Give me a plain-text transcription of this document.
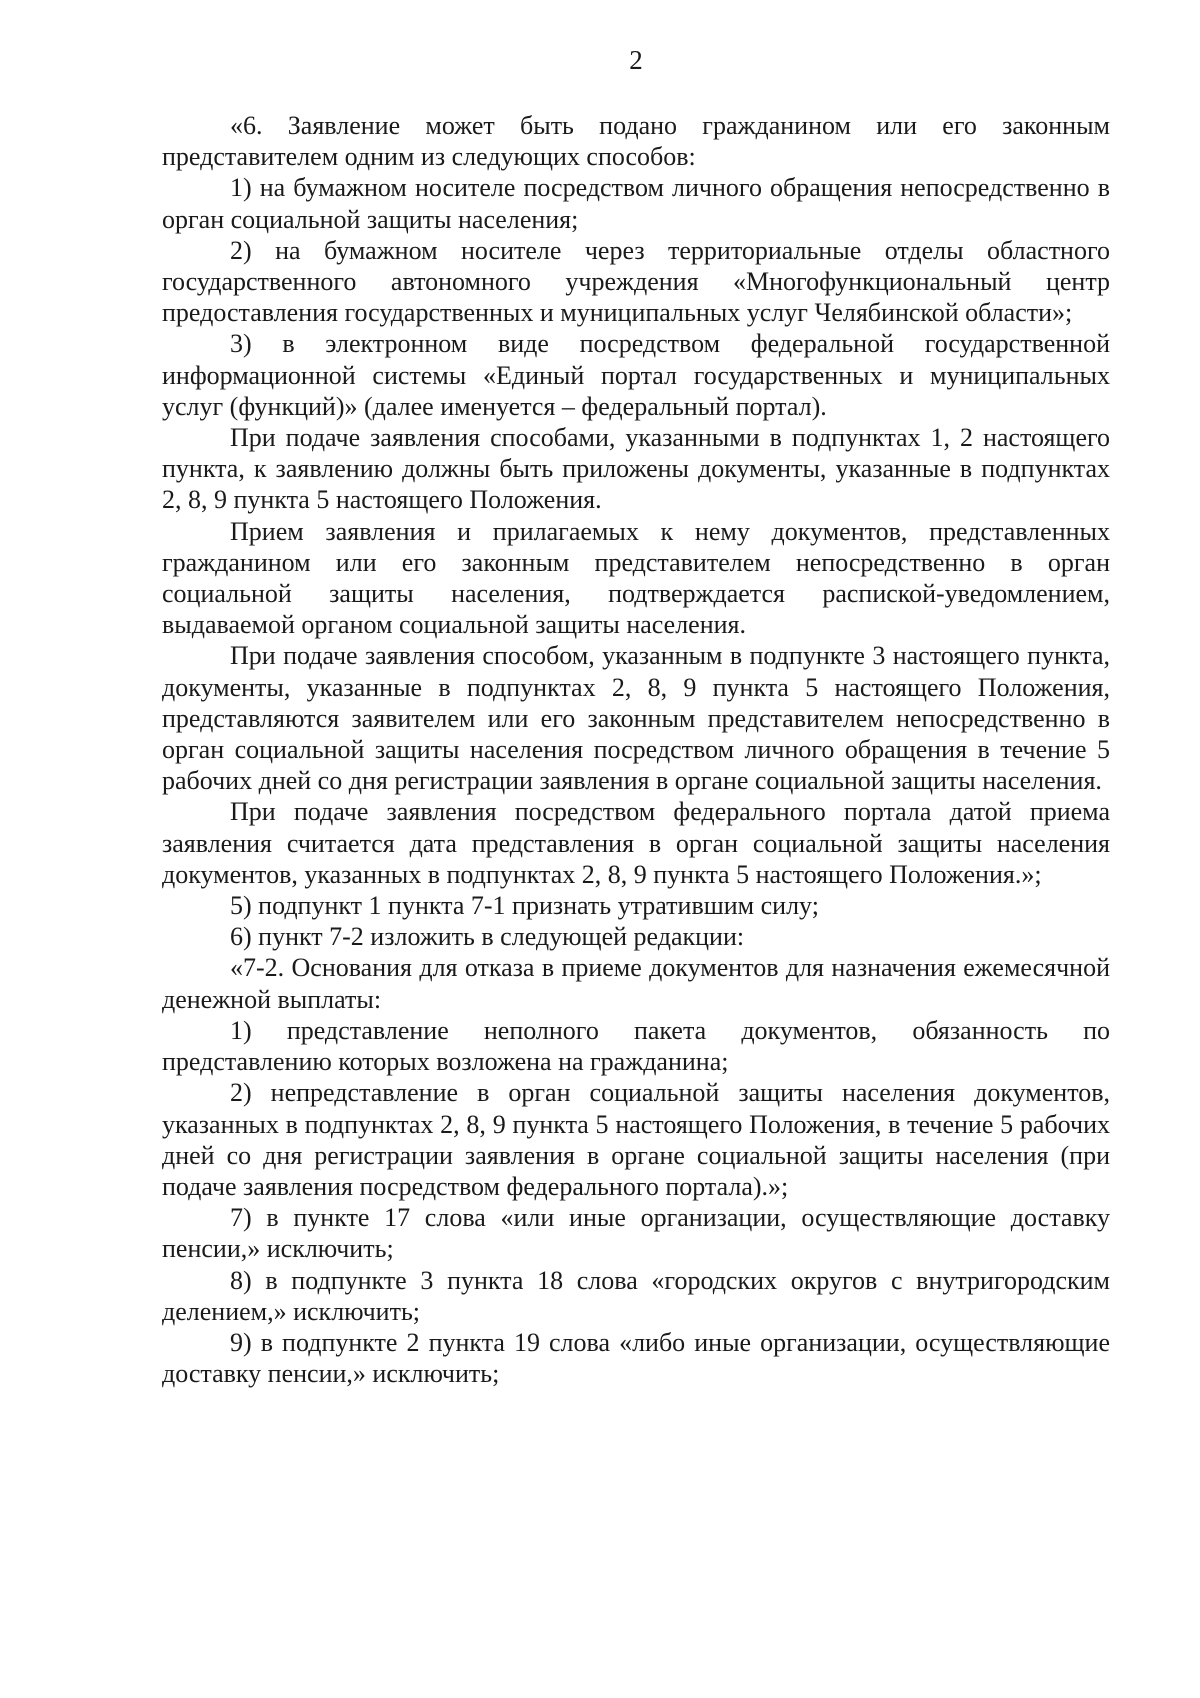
2

«6. Заявление может быть подано гражданином или его законным представителем одним из следующих способов:

1) на бумажном носителе посредством личного обращения непосредственно в орган социальной защиты населения;

2) на бумажном носителе через территориальные отделы областного государственного автономного учреждения «Многофункциональный центр предоставления государственных и муниципальных услуг Челябинской области»;

3) в электронном виде посредством федеральной государственной информационной системы «Единый портал государственных и муниципальных услуг (функций)» (далее именуется – федеральный портал).

При подаче заявления способами, указанными в подпунктах 1, 2 настоящего пункта, к заявлению должны быть приложены документы, указанные в подпунктах 2, 8, 9 пункта 5 настоящего Положения.

Прием заявления и прилагаемых к нему документов, представленных гражданином или его законным представителем непосредственно в орган социальной защиты населения, подтверждается распиской-уведомлением, выдаваемой органом социальной защиты населения.

При подаче заявления способом, указанным в подпункте 3 настоящего пункта, документы, указанные в подпунктах 2, 8, 9 пункта 5 настоящего Положения, представляются заявителем или его законным представителем непосредственно в орган социальной защиты населения посредством личного обращения в течение 5 рабочих дней со дня регистрации заявления в органе социальной защиты населения.

При подаче заявления посредством федерального портала датой приема заявления считается дата представления в орган социальной защиты населения документов, указанных в подпунктах 2, 8, 9 пункта 5 настоящего Положения.»;

5) подпункт 1 пункта 7-1 признать утратившим силу;

6) пункт 7-2 изложить в следующей редакции:

«7-2. Основания для отказа в приеме документов для назначения ежемесячной денежной выплаты:

1) представление неполного пакета документов, обязанность по представлению которых возложена на гражданина;

2) непредставление в орган социальной защиты населения документов, указанных в подпунктах 2, 8, 9 пункта 5 настоящего Положения, в течение 5 рабочих дней со дня регистрации заявления в органе социальной защиты населения (при подаче заявления посредством федерального портала).»;

7) в пункте 17 слова «или иные организации, осуществляющие доставку пенсии,» исключить;

8) в подпункте 3 пункта 18 слова «городских округов с внутригородским делением,» исключить;

9) в подпункте 2 пункта 19 слова «либо иные организации, осуществляющие доставку пенсии,» исключить;
